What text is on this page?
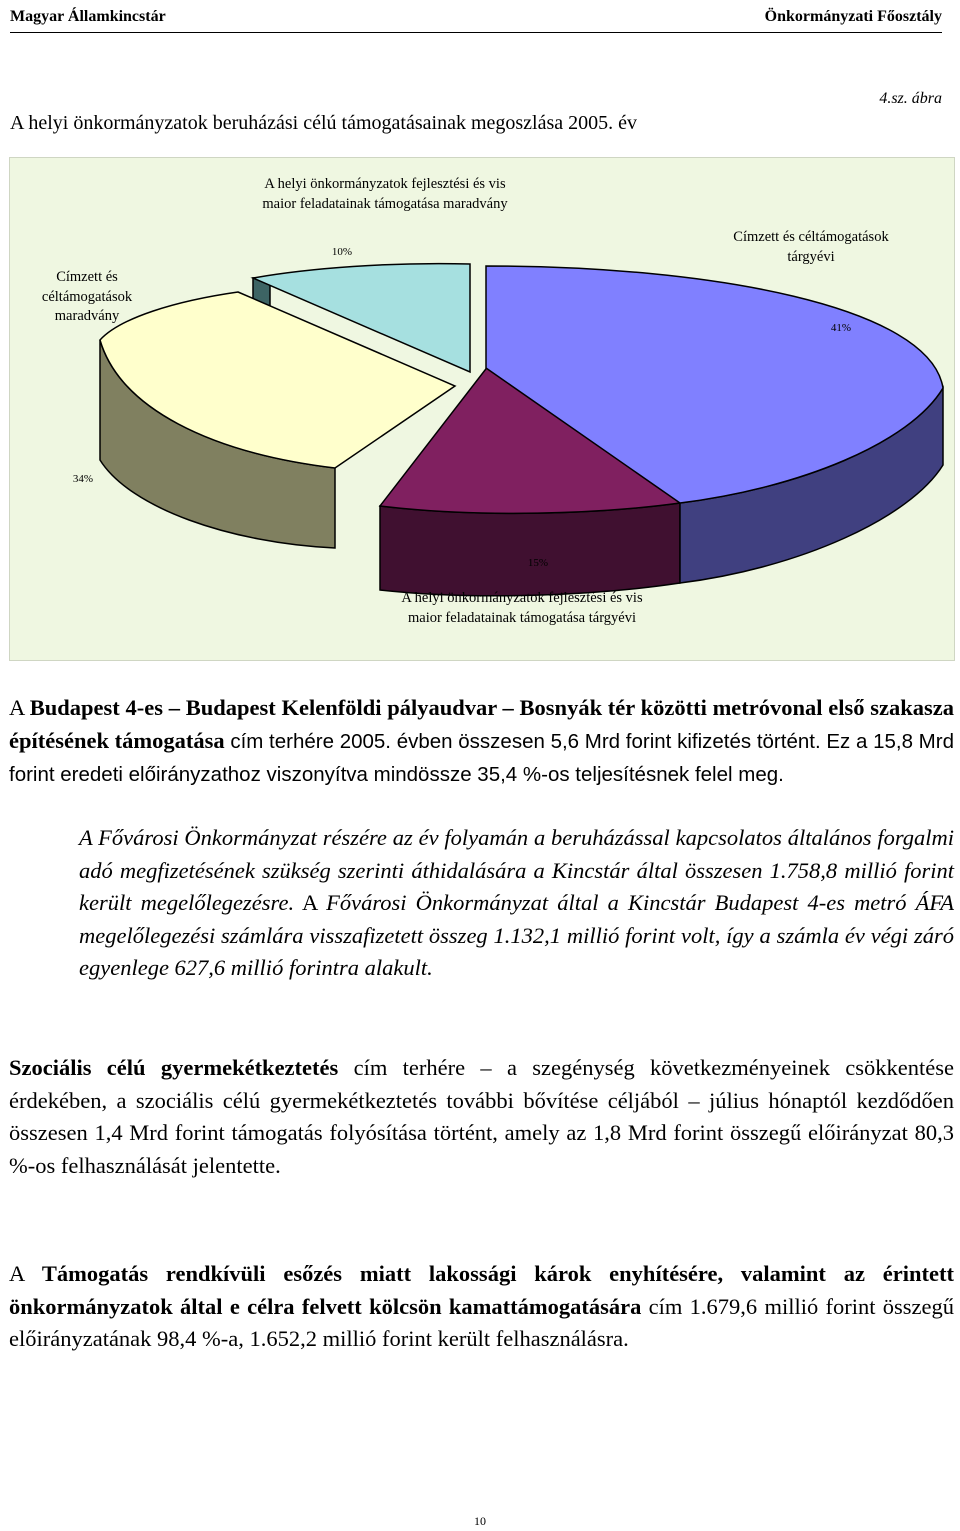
Magyar Államkincstár	Önkormányzati Főosztály
4.sz. ábra
A helyi önkormányzatok beruházási célú támogatásainak megoszlása 2005. év
A helyi önkormányzatok fejlesztési és vis
maior feladatainak támogatása maradvány
10%
Címzett és céltámogatások
tárgyévi
41%
Címzett és
céltámogatások
maradvány
34%
15%
A helyi önkormányzatok fejlesztési és vis
maior feladatainak támogatása tárgyévi
A Budapest 4-es – Budapest Kelenföldi pályaudvar – Bosnyák tér közötti metróvonal első szakasza építésének támogatása cím terhére 2005. évben összesen 5,6 Mrd forint kifizetés történt. Ez a 15,8 Mrd forint eredeti előirányzathoz viszonyítva mindössze 35,4 %-os teljesítésnek felel meg.
A Fővárosi Önkormányzat részére az év folyamán a beruházással kapcsolatos általános forgalmi adó megfizetésének szükség szerinti áthidalására a Kincstár által összesen 1.758,8 millió forint került megelőlegezésre. A Fővárosi Önkormányzat által a Kincstár Budapest 4-es metró ÁFA megelőlegezési számlára visszafizetett összeg 1.132,1 millió forint volt, így a számla év végi záró egyenlege 627,6 millió forintra alakult.
Szociális célú gyermekétkeztetés cím terhére – a szegénység következményeinek csökkentése érdekében, a szociális célú gyermekétkeztetés további bővítése céljából – július hónaptól kezdődően összesen 1,4 Mrd forint támogatás folyósítása történt, amely az 1,8 Mrd forint összegű előirányzat 80,3 %-os felhasználását jelentette.
A Támogatás rendkívüli esőzés miatt lakossági károk enyhítésére, valamint az érintett önkormányzatok által e célra felvett kölcsön kamattámogatására cím 1.679,6 millió forint összegű előirányzatának 98,4 %-a, 1.652,2 millió forint került felhasználásra.
10
